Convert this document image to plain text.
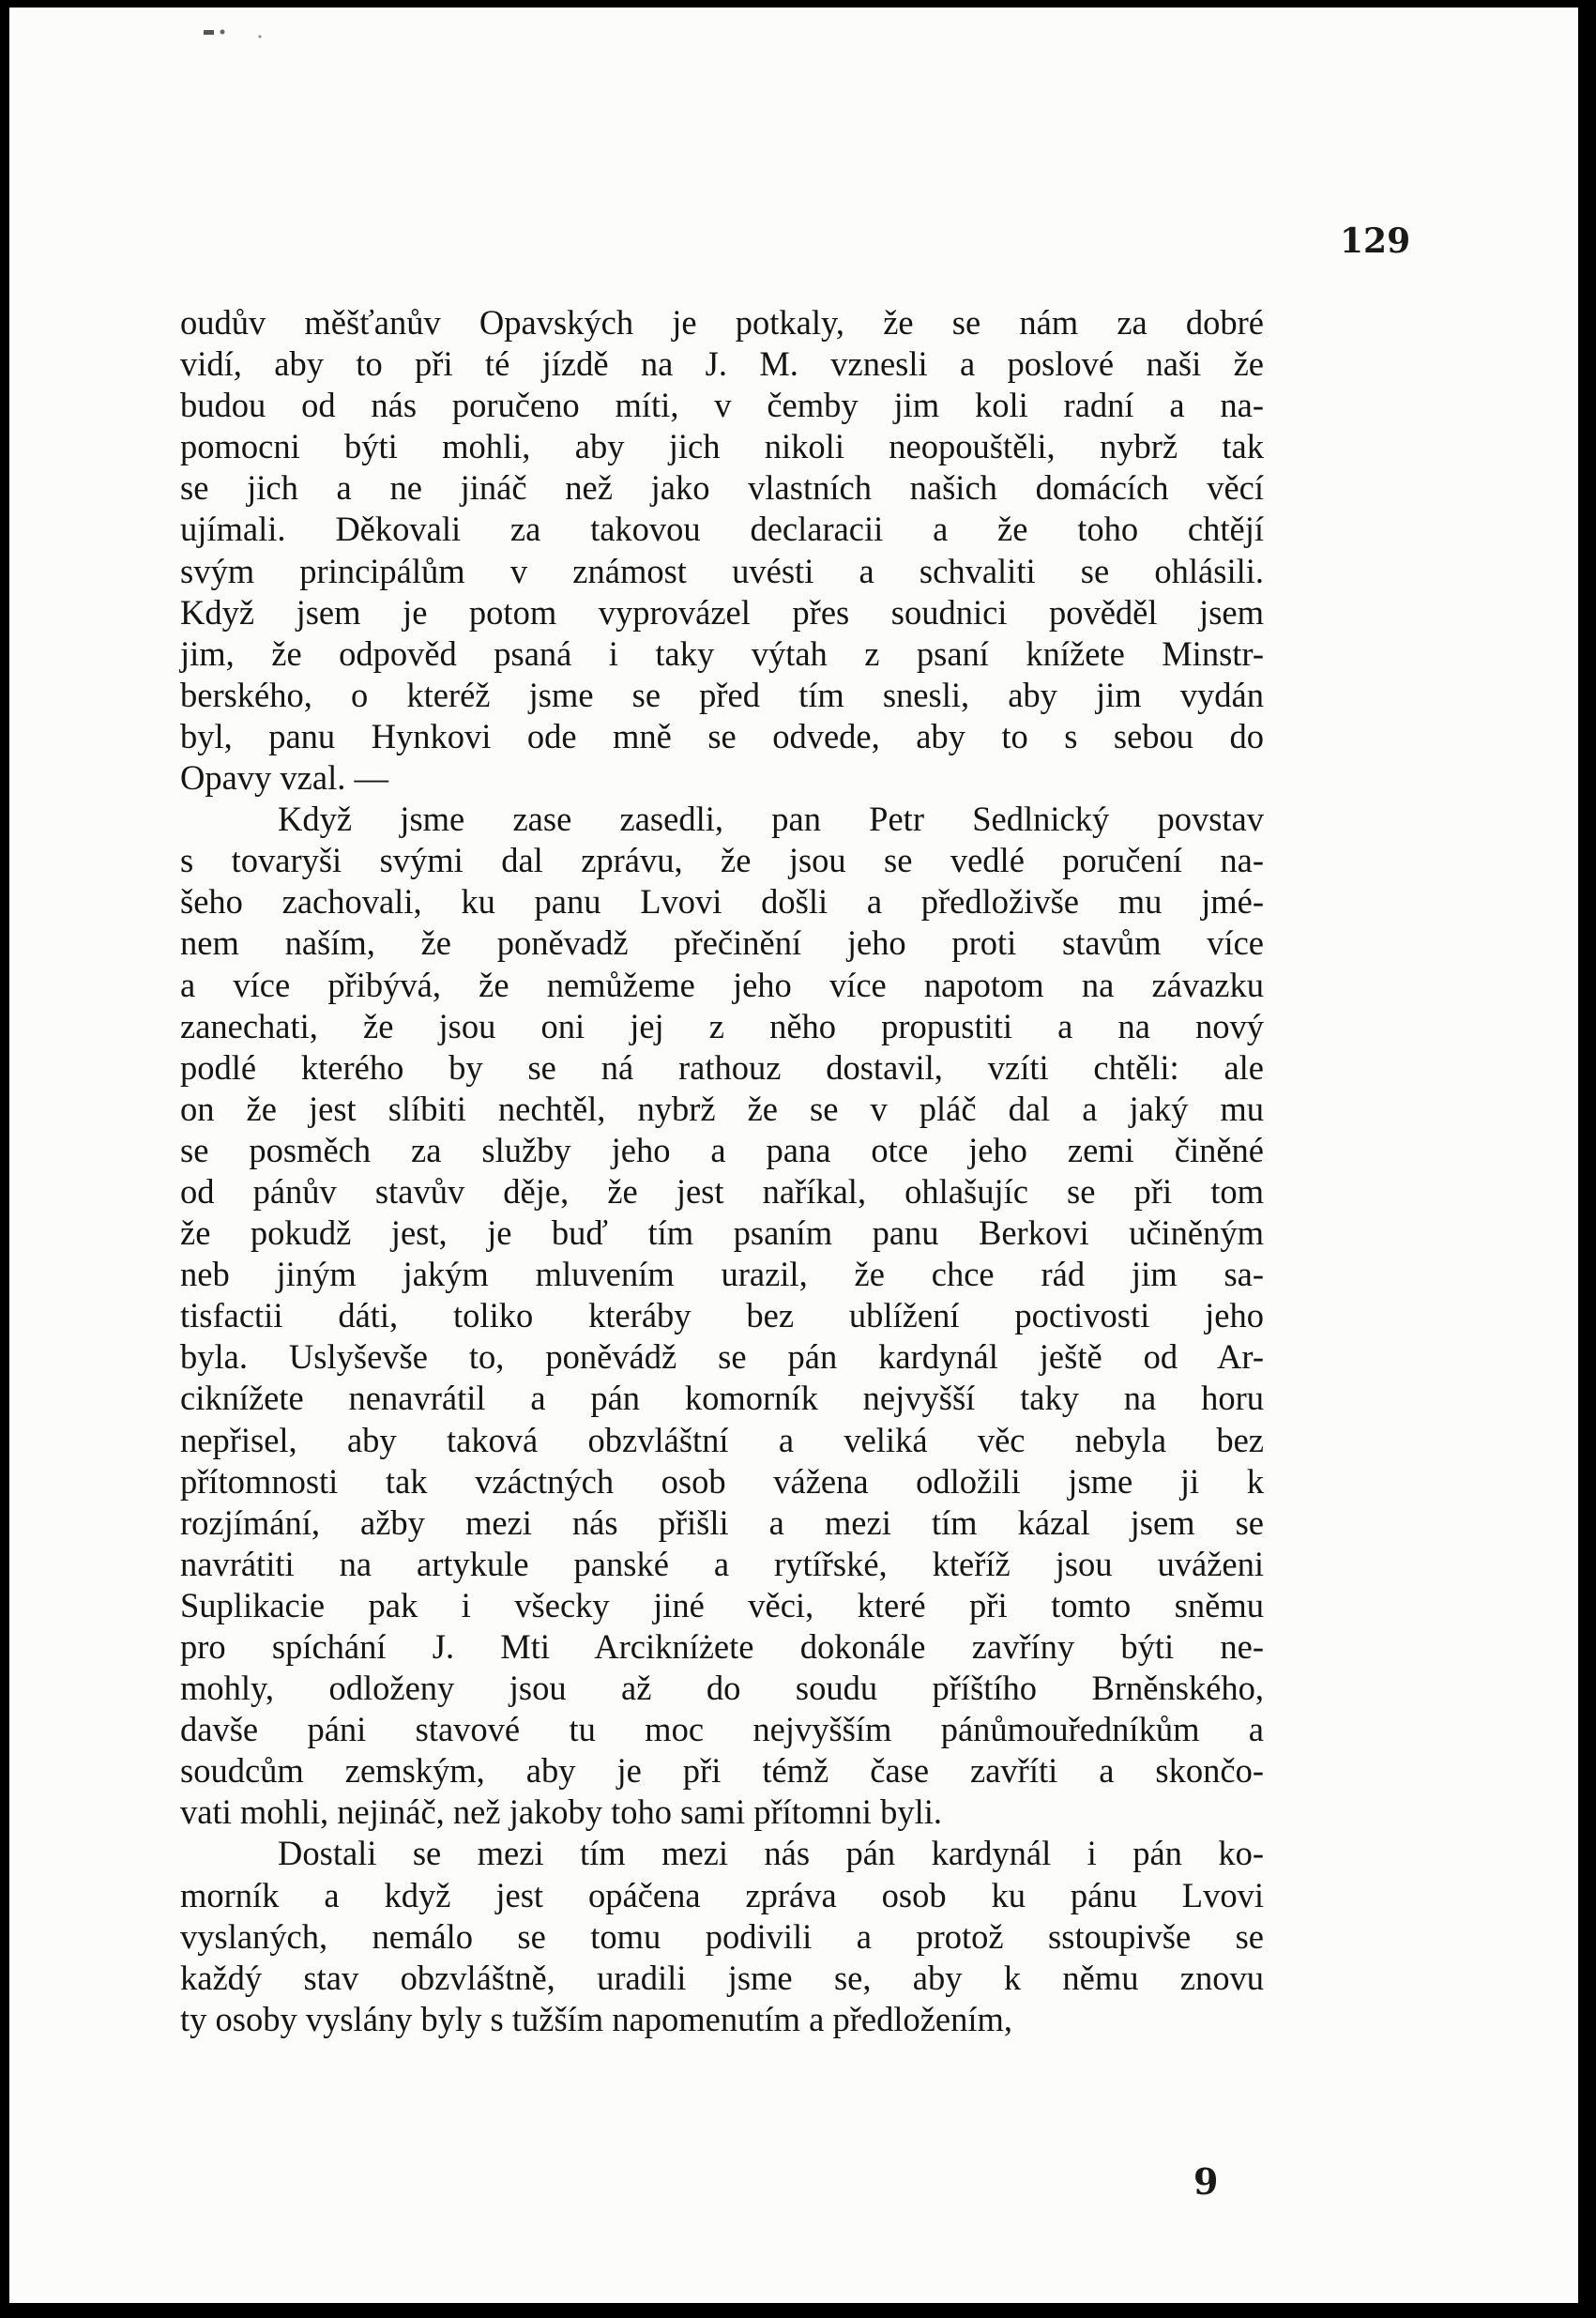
129
oudův měšťanův Opavských je potkaly, že se nám za dobré
vidí, aby to při té jízdě na J. M. vznesli a poslové naši že
budou od nás poručeno míti, v čemby jim koli radní a na-
pomocni býti mohli, aby jich nikoli neopouštěli, nybrž tak
se jich a ne jináč než jako vlastních našich domácích věcí
ujímali. Děkovali za takovou declaracii a že toho chtějí
svým principálům v známost uvésti a schvaliti se ohlásili.
Když jsem je potom vyprovázel přes soudnici pověděl jsem
jim, že odpověd psaná i taky výtah z psaní knížete Minstr-
berského, o kteréž jsme se před tím snesli, aby jim vydán
byl, panu Hynkovi ode mně se odvede, aby to s sebou do
Opavy vzal. —
Když jsme zase zasedli, pan Petr Sedlnický povstav
s tovaryši svými dal zprávu, že jsou se vedlé poručení na-
šeho zachovali, ku panu Lvovi došli a předloživše mu jmé-
nem naším, že poněvadž přečinění jeho proti stavům více
a více přibývá, že nemůžeme jeho více napotom na závazku
zanechati, že jsou oni jej z něho propustiti a na nový
podlé kterého by se ná rathouz dostavil, vzíti chtěli: ale
on že jest slíbiti nechtěl, nybrž že se v pláč dal a jaký mu
se posměch za služby jeho a pana otce jeho zemi činěné
od pánův stavův děje, že jest naříkal, ohlašujíc se při tom
že pokudž jest, je buď tím psaním panu Berkovi učiněným
neb jiným jakým mluvením urazil, že chce rád jim sa-
tisfactii dáti, toliko kteráby bez ublížení poctivosti jeho
byla. Uslyševše to, poněvádž se pán kardynál ještě od Ar-
ciknížete nenavrátil a pán komorník nejvyšší taky na horu
nepřisel, aby taková obzvláštní a veliká věc nebyla bez
přítomnosti tak vzáctných osob vážena odložili jsme ji k
rozjímání, ažby mezi nás přišli a mezi tím kázal jsem se
navrátiti na artykule panské a rytířské, kteříž jsou uváženi
Suplikacie pak i všecky jiné věci, které při tomto sněmu
pro spíchání J. Mti Arcikníżete dokonále zavříny býti ne-
mohly, odloženy jsou až do soudu příštího Brněnského,
davše páni stavové tu moc nejvyšším pánůmouředníkům a
soudcům zemským, aby je při témž čase zavříti a skončo-
vati mohli, nejináč, než jakoby toho sami přítomni byli.
Dostali se mezi tím mezi nás pán kardynál i pán ko-
morník a když jest opáčena zpráva osob ku pánu Lvovi
vyslaných, nemálo se tomu podivili a protož sstoupivše se
každý stav obzvláštně, uradili jsme se, aby k němu znovu
ty osoby vyslány byly s tužším napomenutím a předložením,
9
